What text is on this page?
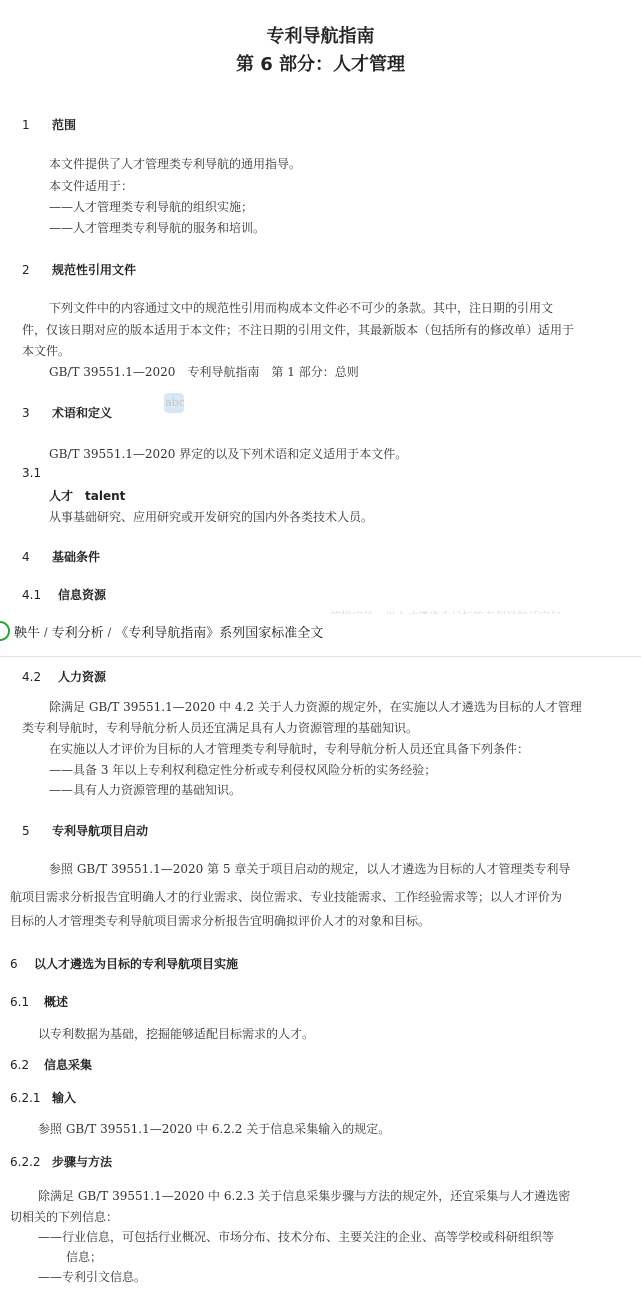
专利导航指南
第 6 部分：人才管理
1 范围
本文件提供了人才管理类专利导航的通用指导。
本文件适用于：
——人才管理类专利导航的组织实施；
——人才管理类专利导航的服务和培训。
2 规范性引用文件
下列文件中的内容通过文中的规范性引用而构成本文件必不可少的条款。其中，注日期的引用文
件，仅该日期对应的版本适用于本文件；不注日期的引用文件，其最新版本（包括所有的修改单）适用于
本文件。
GB/T 39551.1—2020　专利导航指南　第 1 部分：总则
3 术语和定义
abc
GB/T 39551.1—2020 界定的以及下列术语和定义适用于本文件。
3.1
人才　talent
从事基础研究、应用研究或开发研究的国内外各类技术人员。
4 基础条件
4.1 信息资源
鞅牛 / 专利分析 / 《专利导航指南》系列国家标准全文
4.2 人力资源
除满足 GB/T 39551.1—2020 中 4.2 关于人力资源的规定外，在实施以人才遴选为目标的人才管理
类专利导航时，专利导航分析人员还宜满足具有人力资源管理的基础知识。
在实施以人才评价为目标的人才管理类专利导航时，专利导航分析人员还宜具备下列条件：
——具备 3 年以上专利权利稳定性分析或专利侵权风险分析的实务经验；
——具有人力资源管理的基础知识。
5 专利导航项目启动
参照 GB/T 39551.1—2020 第 5 章关于项目启动的规定，以人才遴选为目标的人才管理类专利导
航项目需求分析报告宜明确人才的行业需求、岗位需求、专业技能需求、工作经验需求等；以人才评价为
目标的人才管理类专利导航项目需求分析报告宜明确拟评价人才的对象和目标。
6 以人才遴选为目标的专利导航项目实施
6.1 概述
以专利数据为基础，挖掘能够适配目标需求的人才。
6.2 信息采集
6.2.1 输入
参照 GB/T 39551.1—2020 中 6.2.2 关于信息采集输入的规定。
6.2.2 步骤与方法
除满足 GB/T 39551.1—2020 中 6.2.3 关于信息采集步骤与方法的规定外，还宜采集与人才遴选密
切相关的下列信息：
——行业信息，可包括行业概况、市场分布、技术分布、主要关注的企业、高等学校或科研组织等
信息；
——专利引文信息。
